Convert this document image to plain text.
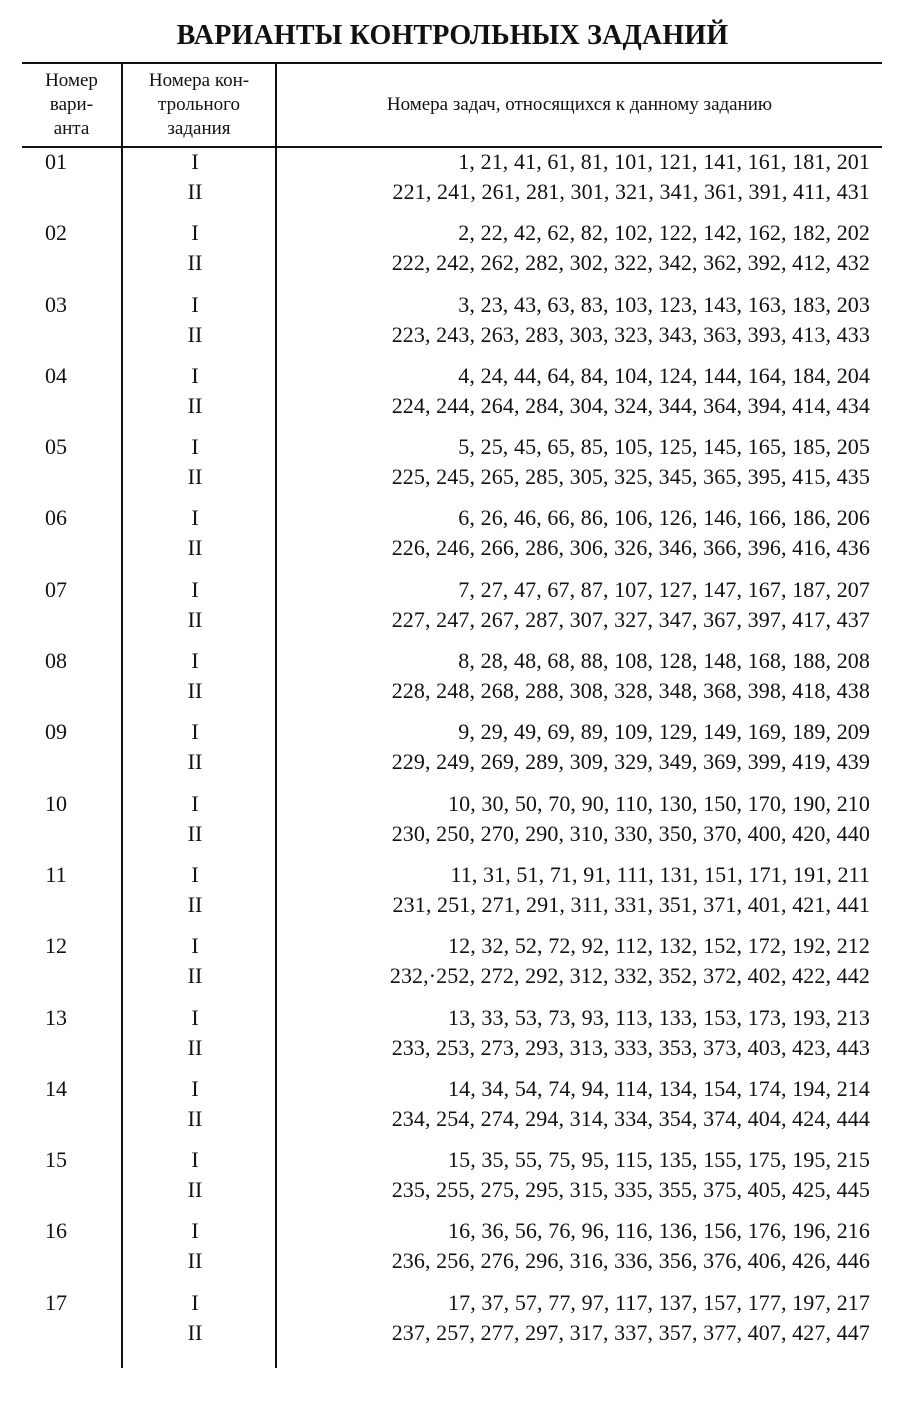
ВАРИАНТЫ КОНТРОЛЬНЫХ ЗАДАНИЙ
Номер
вари-
анта
Номера кон-
трольного
задания
Номера задач, относящихся к данному заданию
01	I	1, 21, 41, 61, 81, 101, 121, 141, 161, 181, 201
II	221, 241, 261, 281, 301, 321, 341, 361, 391, 411, 431
02	I	2, 22, 42, 62, 82, 102, 122, 142, 162, 182, 202
II	222, 242, 262, 282, 302, 322, 342, 362, 392, 412, 432
03	I	3, 23, 43, 63, 83, 103, 123, 143, 163, 183, 203
II	223, 243, 263, 283, 303, 323, 343, 363, 393, 413, 433
04	I	4, 24, 44, 64, 84, 104, 124, 144, 164, 184, 204
II	224, 244, 264, 284, 304, 324, 344, 364, 394, 414, 434
05	I	5, 25, 45, 65, 85, 105, 125, 145, 165, 185, 205
II	225, 245, 265, 285, 305, 325, 345, 365, 395, 415, 435
06	I	6, 26, 46, 66, 86, 106, 126, 146, 166, 186, 206
II	226, 246, 266, 286, 306, 326, 346, 366, 396, 416, 436
07	I	7, 27, 47, 67, 87, 107, 127, 147, 167, 187, 207
II	227, 247, 267, 287, 307, 327, 347, 367, 397, 417, 437
08	I	8, 28, 48, 68, 88, 108, 128, 148, 168, 188, 208
II	228, 248, 268, 288, 308, 328, 348, 368, 398, 418, 438
09	I	9, 29, 49, 69, 89, 109, 129, 149, 169, 189, 209
II	229, 249, 269, 289, 309, 329, 349, 369, 399, 419, 439
10	I	10, 30, 50, 70, 90, 110, 130, 150, 170, 190, 210
II	230, 250, 270, 290, 310, 330, 350, 370, 400, 420, 440
11	I	11, 31, 51, 71, 91, 111, 131, 151, 171, 191, 211
II	231, 251, 271, 291, 311, 331, 351, 371, 401, 421, 441
12	I	12, 32, 52, 72, 92, 112, 132, 152, 172, 192, 212
II	232,·252, 272, 292, 312, 332, 352, 372, 402, 422, 442
13	I	13, 33, 53, 73, 93, 113, 133, 153, 173, 193, 213
II	233, 253, 273, 293, 313, 333, 353, 373, 403, 423, 443
14	I	14, 34, 54, 74, 94, 114, 134, 154, 174, 194, 214
II	234, 254, 274, 294, 314, 334, 354, 374, 404, 424, 444
15	I	15, 35, 55, 75, 95, 115, 135, 155, 175, 195, 215
II	235, 255, 275, 295, 315, 335, 355, 375, 405, 425, 445
16	I	16, 36, 56, 76, 96, 116, 136, 156, 176, 196, 216
II	236, 256, 276, 296, 316, 336, 356, 376, 406, 426, 446
17	I	17, 37, 57, 77, 97, 117, 137, 157, 177, 197, 217
II	237, 257, 277, 297, 317, 337, 357, 377, 407, 427, 447
